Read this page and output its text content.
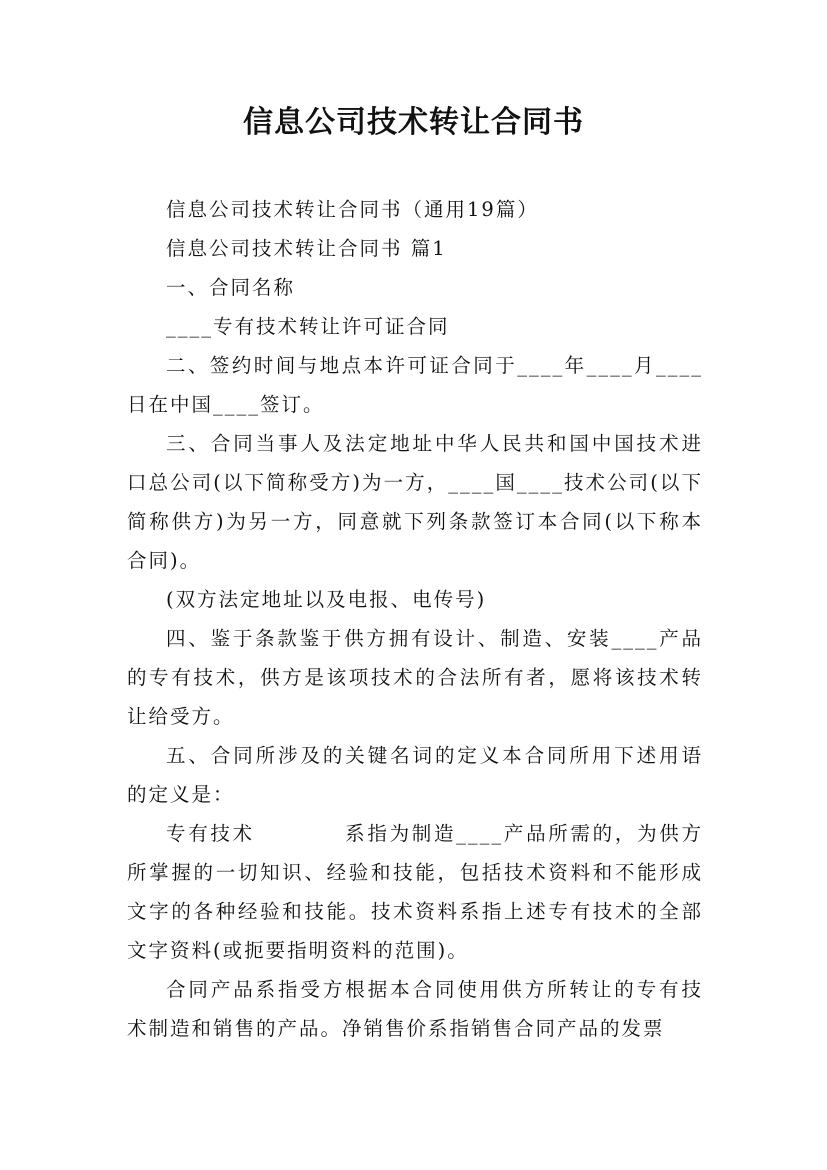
信息公司技术转让合同书

信息公司技术转让合同书（通用19篇）

信息公司技术转让合同书 篇1

一、合同名称

____专有技术转让许可证合同

二、签约时间与地点本许可证合同于____年____月____日在中国____签订。

三、合同当事人及法定地址中华人民共和国中国技术进口总公司(以下简称受方)为一方，____国____技术公司(以下简称供方)为另一方，同意就下列条款签订本合同(以下称本合同)。

(双方法定地址以及电报、电传号)

四、鉴于条款鉴于供方拥有设计、制造、安装____产品的专有技术，供方是该项技术的合法所有者，愿将该技术转让给受方。

五、合同所涉及的关键名词的定义本合同所用下述用语的定义是：

专有技术	系指为制造____产品所需的，为供方所掌握的一切知识、经验和技能，包括技术资料和不能形成文字的各种经验和技能。技术资料系指上述专有技术的全部文字资料(或扼要指明资料的范围)。

合同产品系指受方根据本合同使用供方所转让的专有技术制造和销售的产品。净销售价系指销售合同产品的发票
